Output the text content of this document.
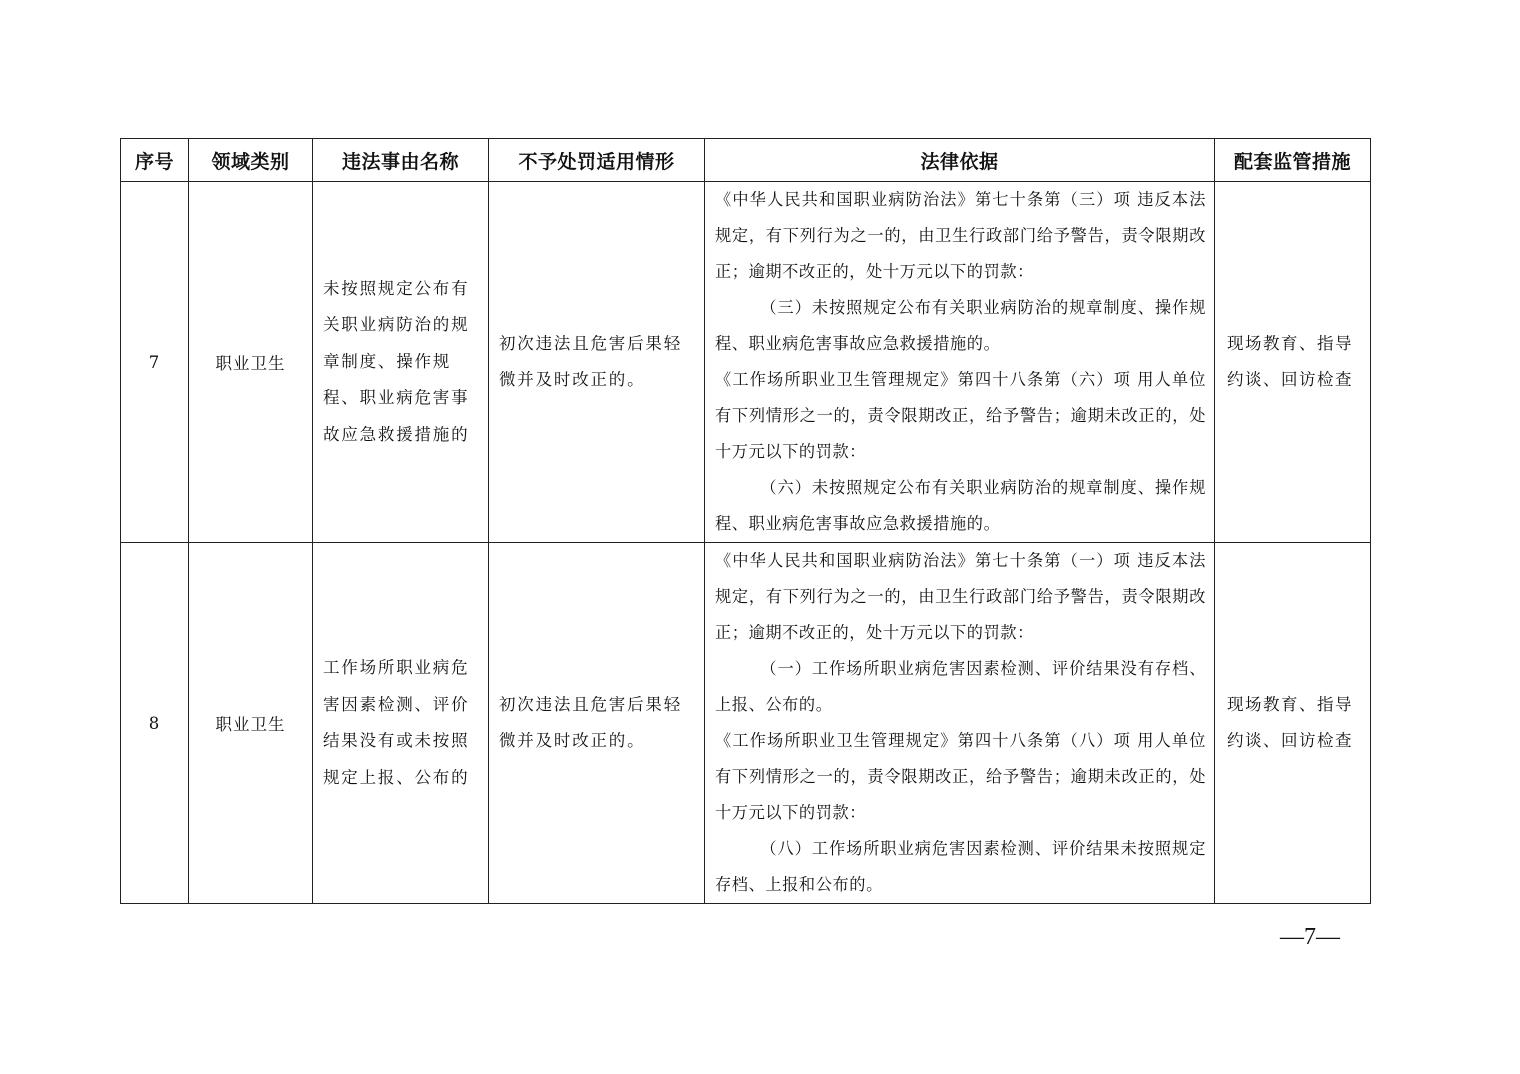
序号	领域类别	违法事由名称	不予处罚适用情形	法律依据	配套监管措施
7	职业卫生	未按照规定公布有关职业病防治的规章制度、操作规程、职业病危害事故应急救援措施的	初次违法且危害后果轻微并及时改正的。	《中华人民共和国职业病防治法》第七十条第（三）项 违反本法规定，有下列行为之一的，由卫生行政部门给予警告，责令限期改正；逾期不改正的，处十万元以下的罚款：
（三）未按照规定公布有关职业病防治的规章制度、操作规程、职业病危害事故应急救援措施的。
《工作场所职业卫生管理规定》第四十八条第（六）项 用人单位有下列情形之一的，责令限期改正，给予警告；逾期未改正的，处十万元以下的罚款：
（六）未按照规定公布有关职业病防治的规章制度、操作规程、职业病危害事故应急救援措施的。	现场教育、指导约谈、回访检查
8	职业卫生	工作场所职业病危害因素检测、评价结果没有或未按照规定上报、公布的	初次违法且危害后果轻微并及时改正的。	《中华人民共和国职业病防治法》第七十条第（一）项 违反本法规定，有下列行为之一的，由卫生行政部门给予警告，责令限期改正；逾期不改正的，处十万元以下的罚款：
（一）工作场所职业病危害因素检测、评价结果没有存档、上报、公布的。
《工作场所职业卫生管理规定》第四十八条第（八）项 用人单位有下列情形之一的，责令限期改正，给予警告；逾期未改正的，处十万元以下的罚款：
（八）工作场所职业病危害因素检测、评价结果未按照规定存档、上报和公布的。	现场教育、指导约谈、回访检查
—7—
